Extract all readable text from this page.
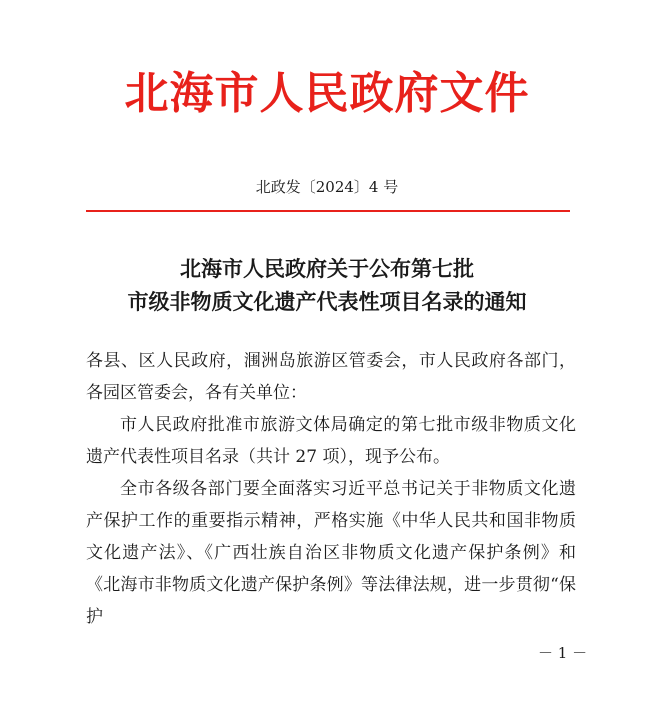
北海市人民政府文件
北政发〔2024〕4 号
北海市人民政府关于公布第七批
市级非物质文化遗产代表性项目名录的通知

各县、区人民政府，涠洲岛旅游区管委会，市人民政府各部门，各园区管委会，各有关单位：

市人民政府批准市旅游文体局确定的第七批市级非物质文化遗产代表性项目名录（共计 27 项），现予公布。

全市各级各部门要全面落实习近平总书记关于非物质文化遗产保护工作的重要指示精神，严格实施《中华人民共和国非物质文化遗产法》、《广西壮族自治区非物质文化遗产保护条例》和《北海市非物质文化遗产保护条例》等法律法规，进一步贯彻“保护

－ 1 －
